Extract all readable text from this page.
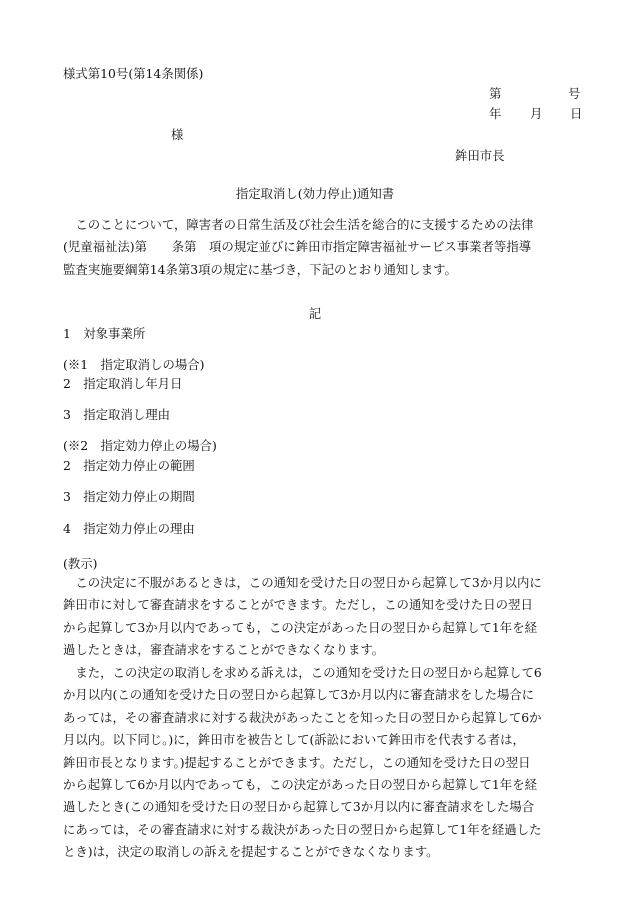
様式第10号(第14条関係)
第	号
年 月 日
様
鉾田市長
指定取消し(効力停止)通知書
このことについて，障害者の日常生活及び社会生活を総合的に支援するための法律
(児童福祉法)第　　条第　項の規定並びに鉾田市指定障害福祉サービス事業者等指導
監査実施要綱第14条第3項の規定に基づき，下記のとおり通知します。
記
1　対象事業所
(※1　指定取消しの場合)
2　指定取消し年月日
3　指定取消し理由
(※2　指定効力停止の場合)
2　指定効力停止の範囲
3　指定効力停止の期間
4　指定効力停止の理由
(教示)
この決定に不服があるときは，この通知を受けた日の翌日から起算して3か月以内に
鉾田市に対して審査請求をすることができます。ただし，この通知を受けた日の翌日
から起算して3か月以内であっても，この決定があった日の翌日から起算して1年を経
過したときは，審査請求をすることができなくなります。
また，この決定の取消しを求める訴えは，この通知を受けた日の翌日から起算して6
か月以内(この通知を受けた日の翌日から起算して3か月以内に審査請求をした場合に
あっては，その審査請求に対する裁決があったことを知った日の翌日から起算して6か
月以内。以下同じ。)に，鉾田市を被告として(訴訟において鉾田市を代表する者は，
鉾田市長となります。)提起することができます。ただし，この通知を受けた日の翌日
から起算して6か月以内であっても，この決定があった日の翌日から起算して1年を経
過したとき(この通知を受けた日の翌日から起算して3か月以内に審査請求をした場合
にあっては，その審査請求に対する裁決があった日の翌日から起算して1年を経過した
とき)は，決定の取消しの訴えを提起することができなくなります。
